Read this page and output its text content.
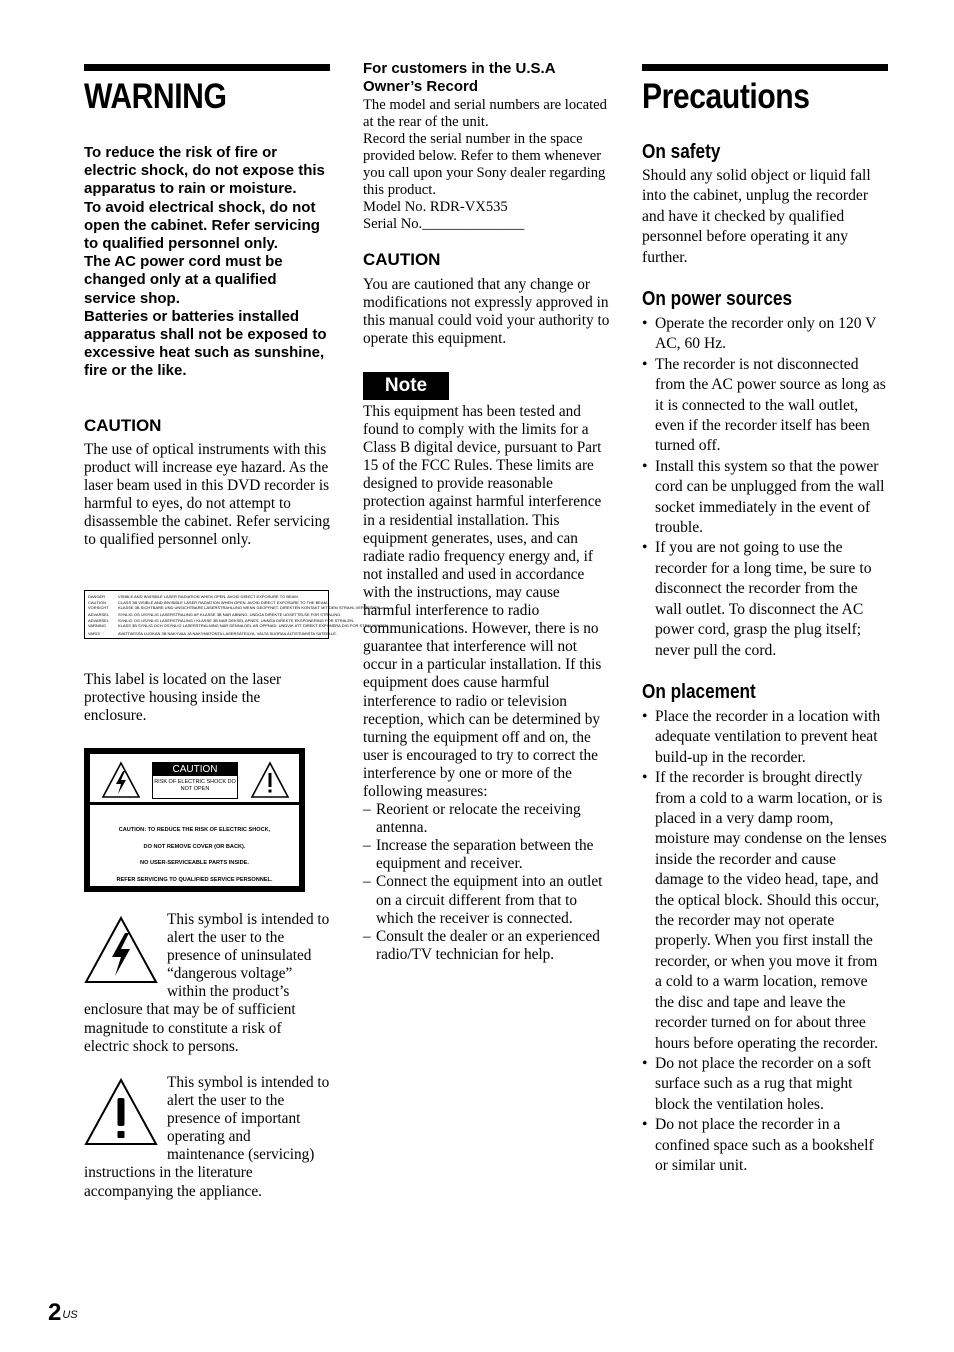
WARNING

To reduce the risk of fire or electric shock, do not expose this apparatus to rain or moisture.

To avoid electrical shock, do not open the cabinet. Refer servicing to qualified personnel only.

The AC power cord must be changed only at a qualified service shop.

Batteries or batteries installed apparatus shall not be exposed to excessive heat such as sunshine, fire or the like.

CAUTION
The use of optical instruments with this product will increase eye hazard. As the laser beam used in this DVD recorder is harmful to eyes, do not attempt to disassemble the cabinet. Refer servicing to qualified personnel only.
DANGER	VISIBLE AND INVISIBLE LASER RADIATION WHEN OPEN. AVOID DIRECT EXPOSURE TO BEAM.
CAUTION	CLASS 3B VISIBLE AND INVISIBLE LASER RADIATION WHEN OPEN. AVOID DIRECT EXPOSURE TO THE BEAM.
VORSICHT	KLASSE 3B SICHTBARE UND UNSICHTBARE LASERSTRAHLUNG WENN GEOFFNET. DIREKTEN KONTAKT MIT DEM STRAHL VERMEIDEN.
ADVARSEL	SYNLIG OG USYNLIG LASERSTRALING AF KLASSE 3B NAR ABNING. UNDGA DIREKTE UDSETTELSE FOR STRALING.
ADVARSEL	SYNLIG OG USYNLIG LASERSTRALING I KLASSE 3B NAR DEKSEL APNES. UNNGA DIREKTE EKSPONERING FOR STRALEN.
VARNING	KLASS 3B SYNLIG OCH OSYNLIG LASERSTRALNING NAR DENNA DEL AR OPPNAD. UNDVIK ATT DIREKT EXPONERA DIG FOR STRALNINGEN.
VARO!	AVATTAESSA LUOKAN 3B NAKYVAA JA NAKYMATONTA LASERSATEILYA. VALTA SUORAA ALTISTUMISTA SATEELLE.
This label is located on the laser protective housing inside the enclosure.
CAUTION
RISK OF ELECTRIC SHOCK DO NOT OPEN
CAUTION: TO REDUCE THE RISK OF ELECTRIC SHOCK,
DO NOT REMOVE COVER (OR BACK).
NO USER-SERVICEABLE PARTS INSIDE.
REFER SERVICING TO QUALIFIED SERVICE PERSONNEL.
This symbol is intended to alert the user to the presence of uninsulated “dangerous voltage” within the product’s enclosure that may be of sufficient magnitude to constitute a risk of electric shock to persons.
This symbol is intended to alert the user to the presence of important operating and maintenance (servicing) instructions in the literature accompanying the appliance.
For customers in the U.S.A
Owner’s Record

The model and serial numbers are located at the rear of the unit.

Record the serial number in the space provided below. Refer to them whenever you call upon your Sony dealer regarding this product.

Model No. RDR-VX535

Serial No.______________

CAUTION
You are cautioned that any change or modifications not expressly approved in this manual could void your authority to operate this equipment.
Note

This equipment has been tested and found to comply with the limits for a Class B digital device, pursuant to Part 15 of the FCC Rules. These limits are designed to provide reasonable protection against harmful interference in a residential installation. This equipment generates, uses, and can radiate radio frequency energy and, if not installed and used in accordance with the instructions, may cause harmful interference to radio communications. However, there is no guarantee that interference will not occur in a particular installation. If this equipment does cause harmful interference to radio or television reception, which can be determined by turning the equipment off and on, the user is encouraged to try to correct the interference by one or more of the following measures:

– Reorient or relocate the receiving antenna.
– Increase the separation between the equipment and receiver.
– Connect the equipment into an outlet on a circuit different from that to which the receiver is connected.
– Consult the dealer or an experienced radio/TV technician for help.
Precautions
On safety
Should any solid object or liquid fall into the cabinet, unplug the recorder and have it checked by qualified personnel before operating it any further.
On power sources
• Operate the recorder only on 120 V AC, 60 Hz.
• The recorder is not disconnected from the AC power source as long as it is connected to the wall outlet, even if the recorder itself has been turned off.
• Install this system so that the power cord can be unplugged from the wall socket immediately in the event of trouble.
• If you are not going to use the recorder for a long time, be sure to disconnect the recorder from the wall outlet. To disconnect the AC power cord, grasp the plug itself; never pull the cord.
On placement
• Place the recorder in a location with adequate ventilation to prevent heat build-up in the recorder.
• If the recorder is brought directly from a cold to a warm location, or is placed in a very damp room, moisture may condense on the lenses inside the recorder and cause damage to the video head, tape, and the optical block. Should this occur, the recorder may not operate properly. When you first install the recorder, or when you move it from a cold to a warm location, remove the disc and tape and leave the recorder turned on for about three hours before operating the recorder.
• Do not place the recorder on a soft surface such as a rug that might block the ventilation holes.
• Do not place the recorder in a confined space such as a bookshelf or similar unit.
$2^{US}$
